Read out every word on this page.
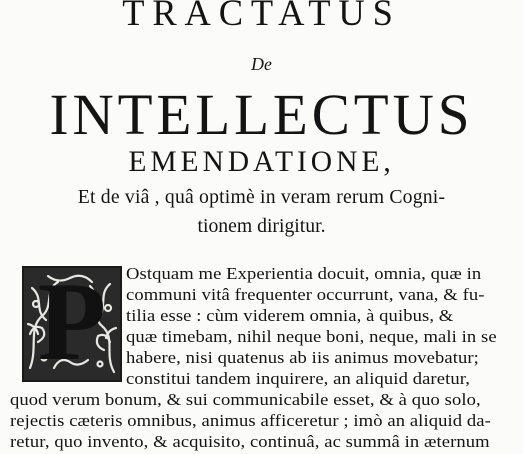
TRACTATUS
De
INTELLECTUS
EMENDATIONE,
Et de viâ , quâ optimè in veram rerum Cogni-
tionem dirigitur.
P	Ostquam me Experientia docuit, omnia, quæ in
communi vitâ frequenter occurrunt, vana, & fu-
tilia esse : cùm viderem omnia, à quibus, &
quæ timebam, nihil neque boni, neque, mali in se
habere, nisi quatenus ab iis animus movebatur;
constitui tandem inquirere, an aliquid daretur,
quod verum bonum, & sui communicabile esset, & à quo solo,
rejectis cæteris omnibus, animus afficeretur ; imò an aliquid da-
retur, quo invento, & acquisito, continuâ, ac summâ in æternum
